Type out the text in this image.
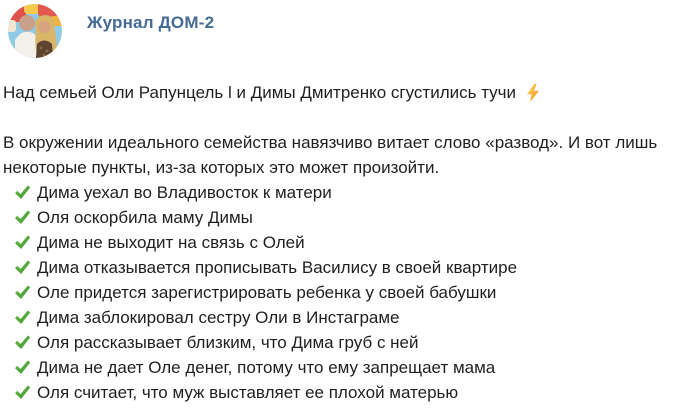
Журнал ДОМ-2
Над семьей Оли Рапунцель l и Димы Дмитренко сгустились тучи
В окружении идеального семейства навязчиво витает слово «развод». И вот лишь некоторые пункты, из-за которых это может произойти.
Дима уехал во Владивосток к матери
Оля оскорбила маму Димы
Дима не выходит на связь с Олей
Дима отказывается прописывать Василису в своей квартире
Оле придется зарегистрировать ребенка у своей бабушки
Дима заблокировал сестру Оли в Инстаграме
Оля рассказывает близким, что Дима груб с ней
Дима не дает Оле денег, потому что ему запрещает мама
Оля считает, что муж выставляет ее плохой матерью
